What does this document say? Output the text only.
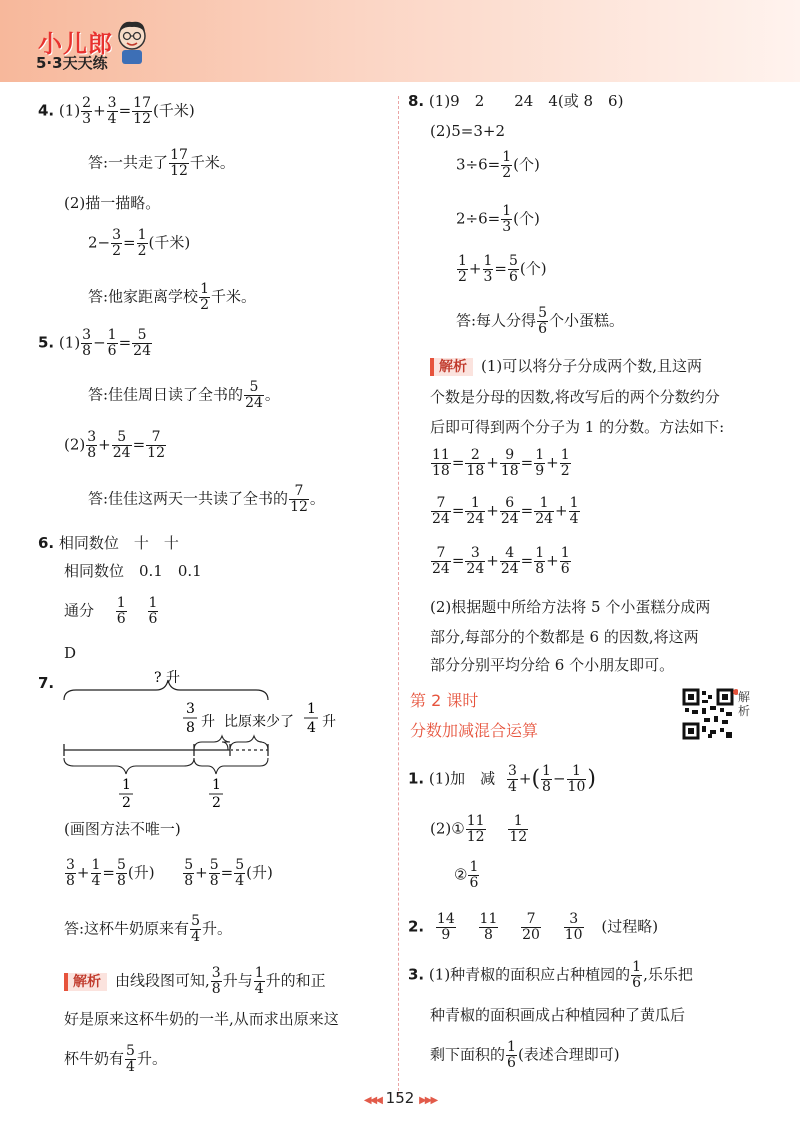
小儿郎
5·3天天练
4. $(1) \frac{2}{3} + \frac{3}{4} = \frac{17}{12}$ (千米)
答:一共走了 $\frac{17}{12}$ 千米。
(2)描一描略。
$2- \frac{3}{2} = \frac{1}{2}$ (千米)
答:他家距离学校 $\frac{1}{2}$ 千米。
5. $(1) \frac{3}{8} - \frac{1}{6} = \frac{5}{24}$
答:佳佳周日读了全书的 $\frac{5}{24}$ 。
$(2) \frac{3}{8} + \frac{5}{24} = \frac{7}{12}$
答:佳佳这两天一共读了全书的 $\frac{7}{12}$ 。
6. 相同数位　十　十
相同数位　0.1　0.1
通分 $\frac{1}{6}$
$\frac{1}{6}$
D
7.	? 升
3
8 升 比原来少了
1
4 升
1
2
1
2
(画图方法不唯一)
$\frac{3}{8} + \frac{1}{4} = \frac{5}{8}$ (升) $\frac{5}{8} + \frac{5}{8} = \frac{5}{4}$ (升)
答:这杯牛奶原来有 $\frac{5}{4}$ 升。
解析 由线段图可知, $\frac{3}{8}$ 升与 $\frac{1}{4}$ 升的和正
好是原来这杯牛奶的一半,从而求出原来这
杯牛奶有 $\frac{5}{4}$ 升。
8. (1)9　2　　24　4(或 8　6)
(2)5=3+2
$3\div 6= \frac{1}{2}$ (个)
$2\div 6= \frac{1}{3}$ (个)
$\frac{1}{2} + \frac{1}{3} = \frac{5}{6}$ (个)
答:每人分得 $\frac{5}{6}$ 个小蛋糕。
解析 (1)可以将分子分成两个数,且这两
个数是分母的因数,将改写后的两个分数约分
后即可得到两个分子为 1 的分数。方法如下:
$\frac{11}{18} = \frac{2}{18} + \frac{9}{18} = \frac{1}{9} + \frac{1}{2}$
$\frac{7}{24} = \frac{1}{24} + \frac{6}{24} = \frac{1}{24} + \frac{1}{4}$
$\frac{7}{24} = \frac{3}{24} + \frac{4}{24} = \frac{1}{8} + \frac{1}{6}$
(2)根据题中所给方法将 5 个小蛋糕分成两
部分,每部分的个数都是 6 的因数,将这两
部分分别平均分给 6 个小朋友即可。
第 2 课时
分数加减混合运算
解析
1. (1)加　减 $\frac{3}{4}$ +( $\frac{1}{8} - \frac{1}{10}$ )
(2)① $\frac{11}{12}$
$\frac{1}{12}$
② $\frac{1}{6}$
2. $\frac{14}{9}$
$\frac{11}{8}$
$\frac{7}{20}$
$\frac{3}{10}$ (过程略)
3. (1)种青椒的面积应占种植园的 $\frac{1}{6}$ ,乐乐把
种青椒的面积画成占种植园种了黄瓜后
剩下面积的 $\frac{1}{6}$ (表述合理即可)
◀◀◀ 152 ▶▶▶
